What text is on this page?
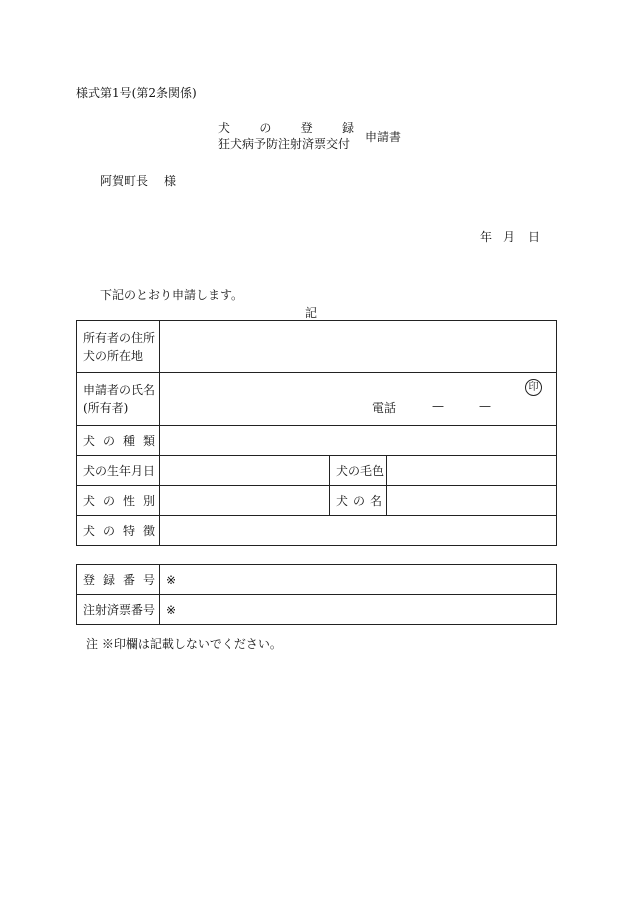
様式第1号(第2条関係)
犬の登録
狂犬病予防注射済票交付	申請書
阿賀町長 様
年 月 日
下記のとおり申請します。
記
所有者の住所
犬の所在地			

申請者の氏名
(所有者)	印
電話 — —		

犬の種類			
犬の生年月日		犬の毛色	
犬の性別		犬の名	
犬の特徴			
登録番号	※
注射済票番号	※
注 ※印欄は記載しないでください。
